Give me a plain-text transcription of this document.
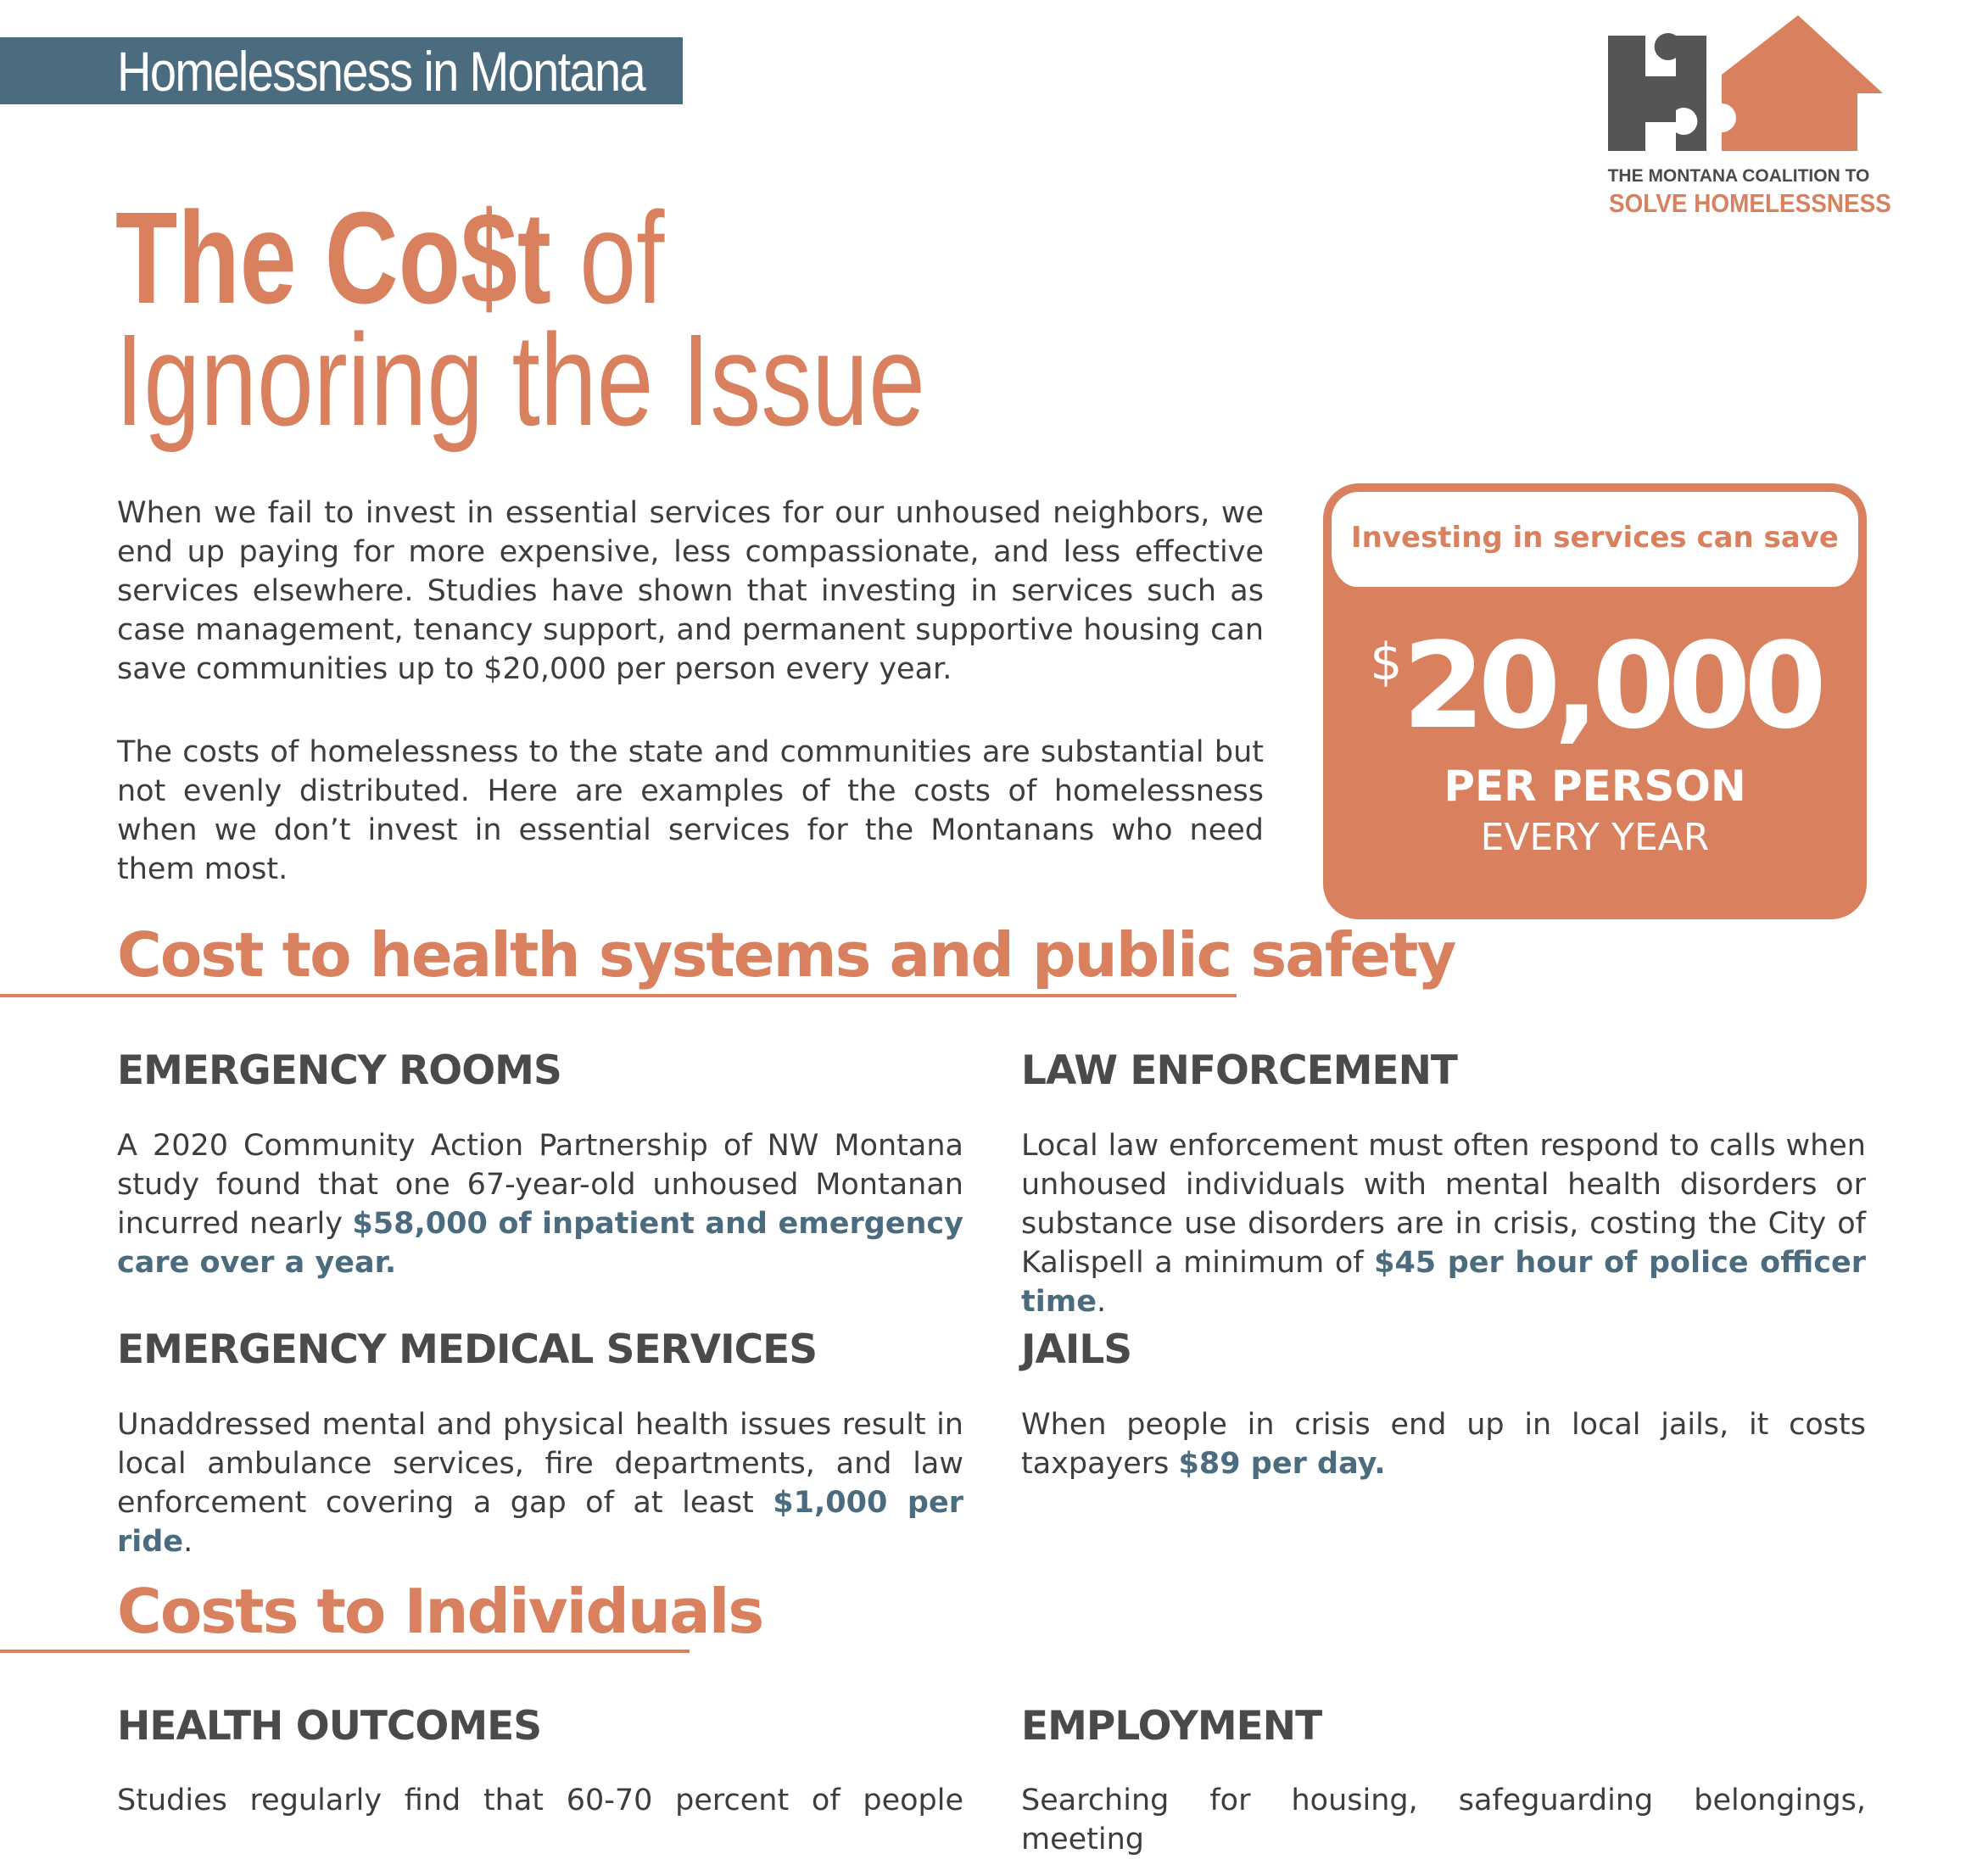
Homelessness in Montana
THE MONTANA COALITION TO
SOLVE HOMELESSNESS
The Co$t of
Ignoring the Issue

When we fail to invest in essential services for our unhoused neighbors, we end up paying for more expensive, less compassionate, and less effective services elsewhere. Studies have shown that investing in services such as case management, tenancy support, and permanent supportive housing can save communities up to $20,000 per person every year.

The costs of homelessness to the state and communities are substantial but not evenly distributed. Here are examples of the costs of homelessness when we don’t invest in essential services for the Montanans who need them most.

Investing in services can save
$20,000
PER PERSON
EVERY YEAR
Cost to health systems and public safety
EMERGENCY ROOMS

A 2020 Community Action Partnership of NW Montana study found that one 67-year-old unhoused Montanan incurred nearly $58,000 of inpatient and emergency care over a year.

LAW ENFORCEMENT

Local law enforcement must often respond to calls when unhoused individuals with mental health disorders or substance use disorders are in crisis, costing the City of Kalispell a minimum of $45 per hour of police officer time.

EMERGENCY MEDICAL SERVICES

Unaddressed mental and physical health issues result in local ambulance services, fire departments, and law enforcement covering a gap of at least $1,000 per ride.

JAILS

When people in crisis end up in local jails, it costs taxpayers $89 per day.

Costs to Individuals
HEALTH OUTCOMES

Studies regularly find that 60-70 percent of people

EMPLOYMENT

Searching for housing, safeguarding belongings, meeting
